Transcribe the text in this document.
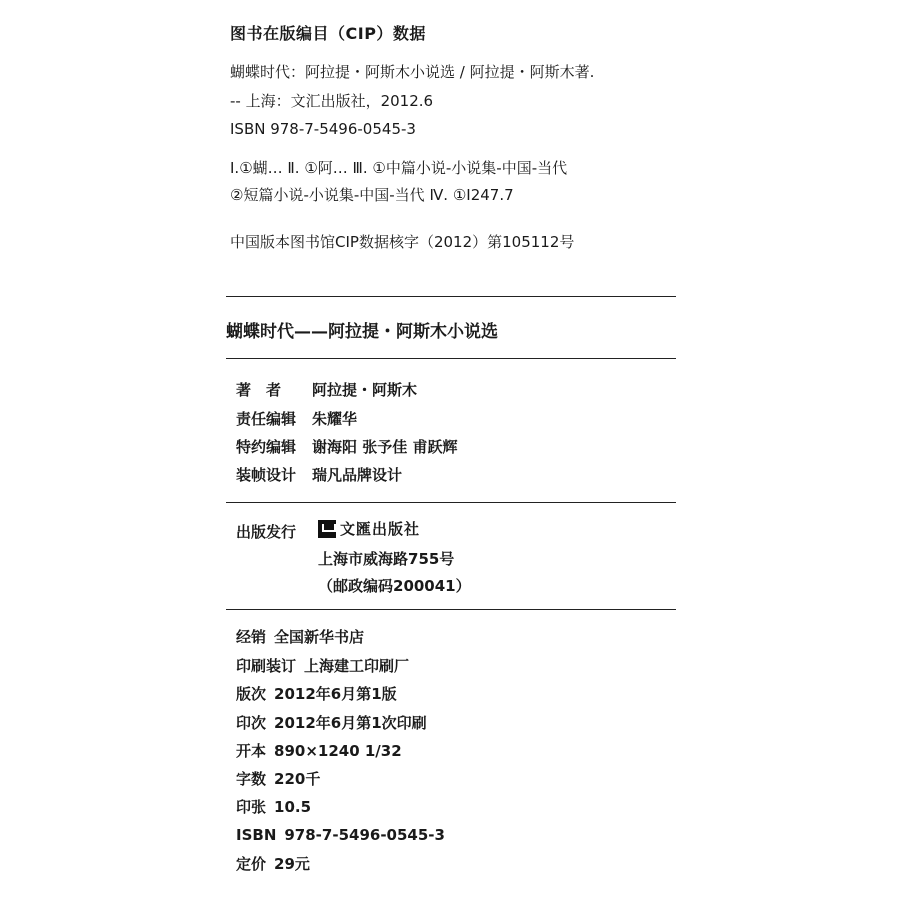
图书在版编目（CIP）数据
蝴蝶时代：阿拉提・阿斯木小说选 / 阿拉提・阿斯木著.
-- 上海：文汇出版社，2012.6
ISBN 978-7-5496-0545-3
Ⅰ.①蝴… Ⅱ. ①阿… Ⅲ. ①中篇小说-小说集-中国-当代
②短篇小说-小说集-中国-当代 Ⅳ. ①I247.7
中国版本图书馆CIP数据核字（2012）第105112号
蝴蝶时代——阿拉提・阿斯木小说选
著　者 阿拉提・阿斯木
责任编辑 朱耀华
特约编辑 谢海阳 张予佳 甫跃辉
装帧设计 瑞凡品牌设计
出版发行	文匯出版社
上海市威海路755号
（邮政编码200041）
经销 全国新华书店
印刷装订 上海建工印刷厂
版次 2012年6月第1版
印次 2012年6月第1次印刷
开本 890×1240 1/32
字数 220千
印张 10.5
ISBN 978-7-5496-0545-3
定价 29元
